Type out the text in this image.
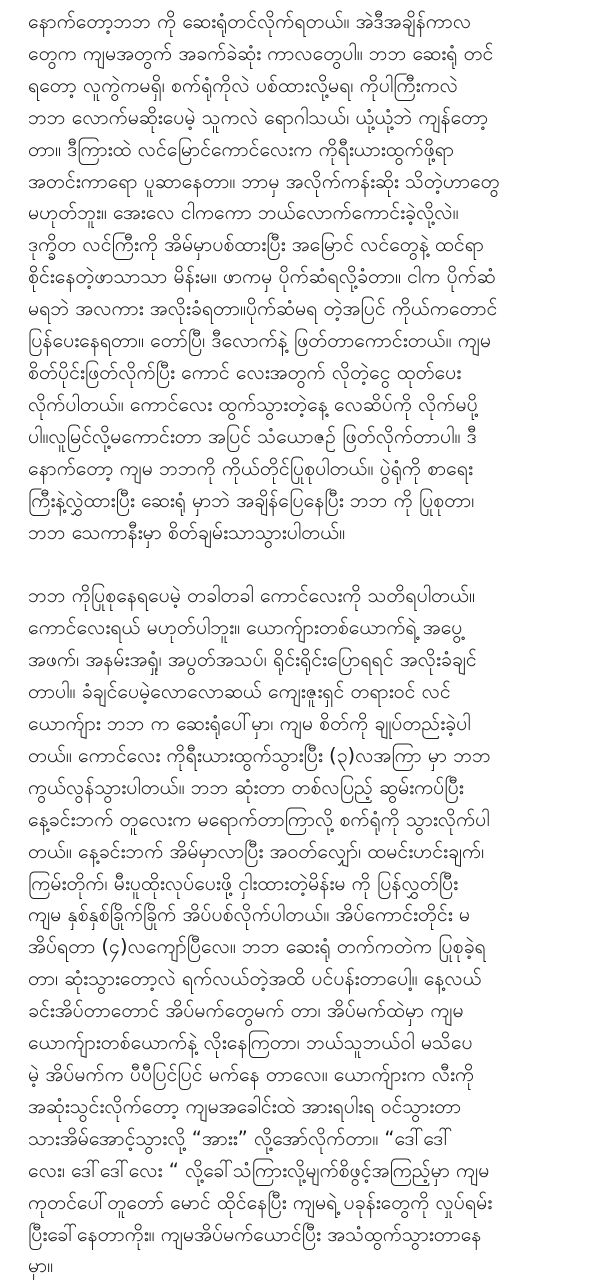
နောက်တော့ဘဘ ကို ဆေးရုံတင်လိုက်ရတယ်။ အဲဒီအချိန်ကာလ
တွေက ကျမအတွက် အခက်ခဲဆုံး ကာလတွေပါ။ ဘဘ ဆေးရုံ တင်
ရတော့ လူကွဲကမရှိ၊ စက်ရုံကိုလဲ ပစ်ထားလို့မရ၊ ကိုပါကြီးကလဲ
ဘဘ လောက်မဆိုးပေမဲ့ သူကလဲ ရောဂါသယ်၊ ယုံ့ယုံ့ဘဲ ကျန်တော့
တာ။ ဒီကြားထဲ လင်မြောင်ကောင်လေးက ကိုရီးယားထွက်ဖို့ရာ
အတင်းကာရော ပူဆာနေတာ။ ဘာမှ အလိုက်ကန်းဆိုး သိတဲ့ဟာတွေ
မဟုတ်ဘူး။ အေးလေ ငါကကော ဘယ်လောက်ကောင်းခဲ့လို့လဲ။
ဒုက္ခိတ လင်ကြီးကို အိမ်မှာပစ်ထားပြီး အမြောင် လင်တွေနဲ့ ထင်ရာ
စိုင်းနေတဲ့ဖာသာသာ မိန်းမ။ ဖာကမှ ပိုက်ဆံရလို့ခံတာ။ ငါက ပိုက်ဆံ
မရဘဲ အလကား အလိုးခံရတာ။ပိုက်ဆံမရ တဲ့အပြင် ကိုယ်ကတောင်
ပြန်ပေးနေရတာ။ တော်ပြီ၊ ဒီလောက်နဲ့ ဖြတ်တာကောင်းတယ်။ ကျမ
စိတ်ပိုင်းဖြတ်လိုက်ပြီး ကောင် လေးအတွက် လိုတဲ့ငွေ ထုတ်ပေး
လိုက်ပါတယ်။ ကောင်လေး ထွက်သွားတဲ့နေ့ လေဆိပ်ကို လိုက်မပို့
ပါ။လူမြင်လို့မကောင်းတာ အပြင် သံယောဇဉ် ဖြတ်လိုက်တာပါ။ ဒီ
နောက်တော့ ကျမ ဘဘကို ကိုယ်တိုင်ပြုစုပါတယ်။ ပွဲရုံကို စာရေး
ကြီးနဲ့လွှဲထားပြီး ဆေးရုံ မှာဘဲ အချိန်ပြေနေပြီး ဘဘ ကို ပြုစုတာ၊
ဘဘ သေကာနီးမှာ စိတ်ချမ်းသာသွားပါတယ်။
ဘဘ ကိုပြုစုနေရပေမဲ့ တခါတခါ ကောင်လေးကို သတိရပါတယ်။
ကောင်လေးရယ် မဟုတ်ပါဘူး။ ယောက်ျားတစ်ယောက်ရဲ့ အပွေ့
အဖက်၊ အနမ်းအရှုံ၊ အပွတ်အသပ်၊ ရိုင်းရိုင်းပြောရရင် အလိုးခံချင်
တာပါ။ ခံချင်ပေမဲ့လောလောဆယ် ကျေးဇူးရှင် တရားဝင် လင်
ယောက်ျား ဘဘ က ဆေးရုံပေါ်မှာ၊ ကျမ စိတ်ကို ချုပ်တည်းခဲ့ပါ
တယ်။ ကောင်လေး ကိုရီးယားထွက်သွားပြီး (၃)လအကြာ မှာ ဘဘ
ကွယ်လွန်သွားပါတယ်။ ဘဘ ဆုံးတာ တစ်လပြည့် ဆွမ်းကပ်ပြီး
နေ့ခင်းဘက် တူလေးက မရောက်တာကြာလို့ စက်ရုံကို သွားလိုက်ပါ
တယ်။ နေ့ခင်းဘက် အိမ်မှာလာပြီး အဝတ်လျှော်၊ ထမင်းဟင်းချက်၊
ကြမ်းတိုက်၊ မီးပူထိုးလုပ်ပေးဖို့ ငှါးထားတဲ့မိန်းမ ကို ပြန်လွှတ်ပြီး
ကျမ နှစ်နှစ်ခြိုက်ခြိုက် အိပ်ပစ်လိုက်ပါတယ်။ အိပ်ကောင်းတိုင်း မ
အိပ်ရတာ (၄)လကျော်ပြီလေ။ ဘဘ ဆေးရုံ တက်ကတဲက ပြုစုခဲ့ရ
တာ၊ ဆုံးသွားတော့လဲ ရက်လယ်တဲ့အထိ ပင်ပန်းတာပေါ့။ နေ့လယ်
ခင်းအိပ်တာတောင် အိပ်မက်တွေမက် တာ၊ အိပ်မက်ထဲမှာ ကျမ
ယောက်ျားတစ်ယောက်နဲ့ လိုးနေကြတာ၊ ဘယ်သူဘယ်ဝါ မသိပေ
မဲ့ အိပ်မက်က ပီပီပြင်ပြင် မက်နေ တာလေ။ ယောက်ျားက လီးကို
အဆုံးသွင်းလိုက်တော့ ကျမအခေါင်းထဲ အားရပါးရ ဝင်သွားတာ
သားအိမ်အောင့်သွားလို့ “အားး” လို့အော်လိုက်တာ။ “ဒေါ်ဒေါ်
လေး၊ ဒေါ်ဒေါ်လေး “ လို့ခေါ်သံကြားလို့မျက်စိဖွင့်အကြည့်မှာ ကျမ
ကုတင်ပေါ်တူတော် မောင် ထိုင်နေပြီး ကျမရဲ့ ပခုန်းတွေကို လှုပ်ရမ်း
ပြီးခေါ်နေတာကိုး။ ကျမအိပ်မက်ယောင်ပြီး အသံထွက်သွားတာနေ
မှာ။
